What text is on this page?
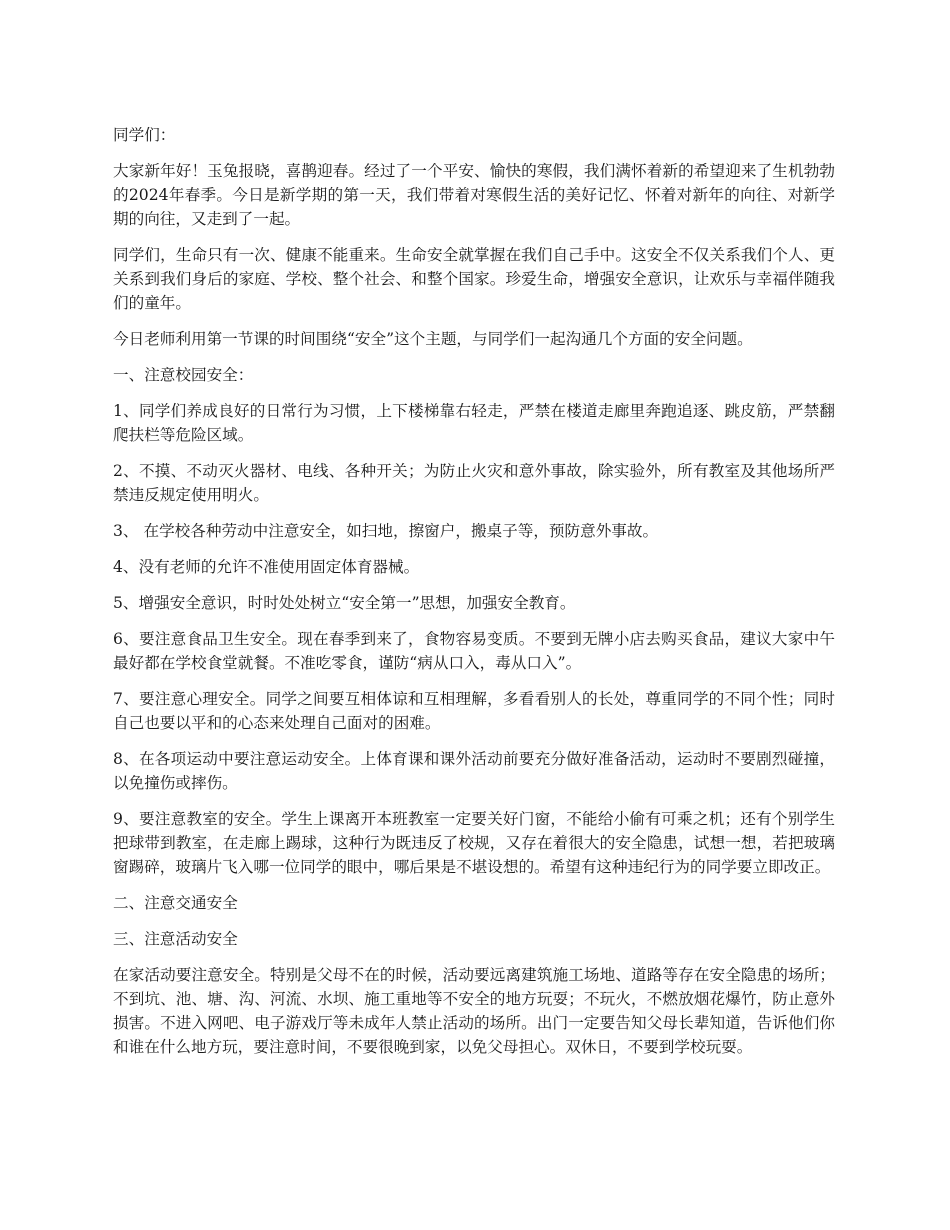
同学们：

大家新年好！玉兔报晓，喜鹊迎春。经过了一个平安、愉快的寒假，我们满怀着新的希望迎来了生机勃勃的2024年春季。今日是新学期的第一天，我们带着对寒假生活的美好记忆、怀着对新年的向往、对新学期的向往，又走到了一起。

同学们，生命只有一次、健康不能重来。生命安全就掌握在我们自己手中。这安全不仅关系我们个人、更关系到我们身后的家庭、学校、整个社会、和整个国家。珍爱生命，增强安全意识，让欢乐与幸福伴随我们的童年。

今日老师利用第一节课的时间围绕“安全”这个主题，与同学们一起沟通几个方面的安全问题。

一、注意校园安全：

1、同学们养成良好的日常行为习惯，上下楼梯靠右轻走，严禁在楼道走廊里奔跑追逐、跳皮筋，严禁翻爬扶栏等危险区域。

2、不摸、不动灭火器材、电线、各种开关；为防止火灾和意外事故，除实验外，所有教室及其他场所严禁违反规定使用明火。

3、 在学校各种劳动中注意安全，如扫地，擦窗户，搬桌子等，预防意外事故。

4、没有老师的允许不准使用固定体育器械。

5、增强安全意识，时时处处树立“安全第一”思想，加强安全教育。

6、要注意食品卫生安全。现在春季到来了，食物容易变质。不要到无牌小店去购买食品，建议大家中午最好都在学校食堂就餐。不准吃零食，谨防“病从口入，毒从口入”。

7、要注意心理安全。同学之间要互相体谅和互相理解，多看看别人的长处，尊重同学的不同个性；同时自己也要以平和的心态来处理自己面对的困难。

8、在各项运动中要注意运动安全。上体育课和课外活动前要充分做好准备活动，运动时不要剧烈碰撞，以免撞伤或摔伤。

9、要注意教室的安全。学生上课离开本班教室一定要关好门窗，不能给小偷有可乘之机；还有个别学生把球带到教室，在走廊上踢球，这种行为既违反了校规，又存在着很大的安全隐患，试想一想，若把玻璃窗踢碎，玻璃片飞入哪一位同学的眼中，哪后果是不堪设想的。希望有这种违纪行为的同学要立即改正。

二、注意交通安全

三、注意活动安全

在家活动要注意安全。特别是父母不在的时候，活动要远离建筑施工场地、道路等存在安全隐患的场所；不到坑、池、塘、沟、河流、水坝、施工重地等不安全的地方玩耍；不玩火，不燃放烟花爆竹，防止意外损害。不进入网吧、电子游戏厅等未成年人禁止活动的场所。出门一定要告知父母长辈知道，告诉他们你和谁在什么地方玩，要注意时间，不要很晚到家，以免父母担心。双休日，不要到学校玩耍。
